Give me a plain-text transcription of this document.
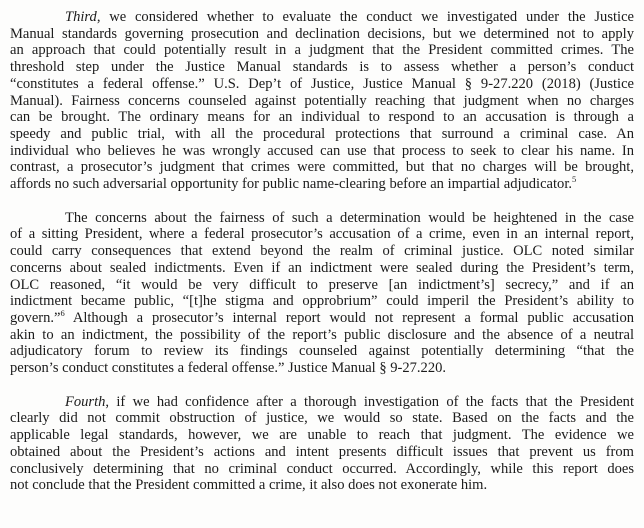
Third, we considered whether to evaluate the conduct we investigated under the Justice
Manual standards governing prosecution and declination decisions, but we determined not to apply
an approach that could potentially result in a judgment that the President committed crimes. The
threshold step under the Justice Manual standards is to assess whether a person’s conduct
“constitutes a federal offense.” U.S. Dep’t of Justice, Justice Manual § 9-27.220 (2018) (Justice
Manual). Fairness concerns counseled against potentially reaching that judgment when no charges
can be brought. The ordinary means for an individual to respond to an accusation is through a
speedy and public trial, with all the procedural protections that surround a criminal case. An
individual who believes he was wrongly accused can use that process to seek to clear his name. In
contrast, a prosecutor’s judgment that crimes were committed, but that no charges will be brought,
affords no such adversarial opportunity for public name-clearing before an impartial adjudicator.$^5$

The concerns about the fairness of such a determination would be heightened in the case
of a sitting President, where a federal prosecutor’s accusation of a crime, even in an internal report,
could carry consequences that extend beyond the realm of criminal justice. OLC noted similar
concerns about sealed indictments. Even if an indictment were sealed during the President’s term,
OLC reasoned, “it would be very difficult to preserve [an indictment’s] secrecy,” and if an
indictment became public, “[t]he stigma and opprobrium” could imperil the President’s ability to
govern.”$^6$ Although a prosecutor’s internal report would not represent a formal public accusation
akin to an indictment, the possibility of the report’s public disclosure and the absence of a neutral
adjudicatory forum to review its findings counseled against potentially determining “that the
person’s conduct constitutes a federal offense.” Justice Manual § 9-27.220.

Fourth, if we had confidence after a thorough investigation of the facts that the President
clearly did not commit obstruction of justice, we would so state. Based on the facts and the
applicable legal standards, however, we are unable to reach that judgment. The evidence we
obtained about the President’s actions and intent presents difficult issues that prevent us from
conclusively determining that no criminal conduct occurred. Accordingly, while this report does
not conclude that the President committed a crime, it also does not exonerate him.
